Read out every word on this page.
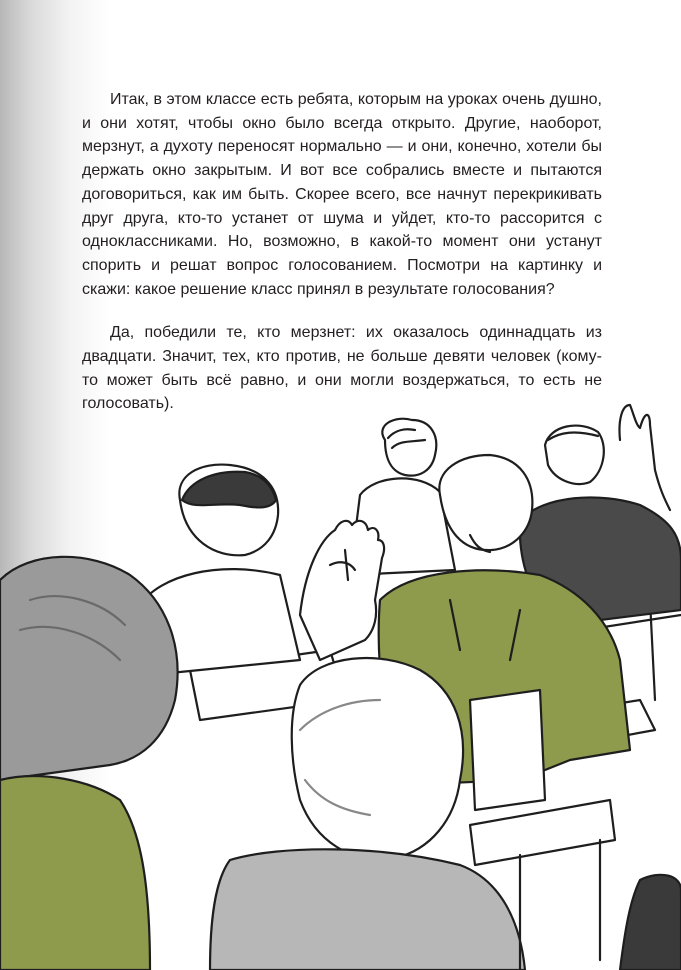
Итак, в этом классе есть ребята, которым на уроках очень душно, и они хотят, чтобы окно было всегда открыто. Другие, наоборот, мерзнут, а духоту переносят нормально — и они, конечно, хотели бы держать окно закрытым. И вот все собрались вместе и пытаются договориться, как им быть. Скорее всего, все начнут перекрикивать друг друга, кто-то устанет от шума и уйдет, кто-то рассорится с одноклассниками. Но, возможно, в какой-то момент они устанут спорить и решат вопрос голосованием. Посмотри на картинку и скажи: какое решение класс принял в результате голосования?

Да, победили те, кто мерзнет: их оказалось одиннадцать из двадцати. Значит, тех, кто против, не больше девяти человек (кому-то может быть всё равно, и они могли воздержаться, то есть не голосовать).
